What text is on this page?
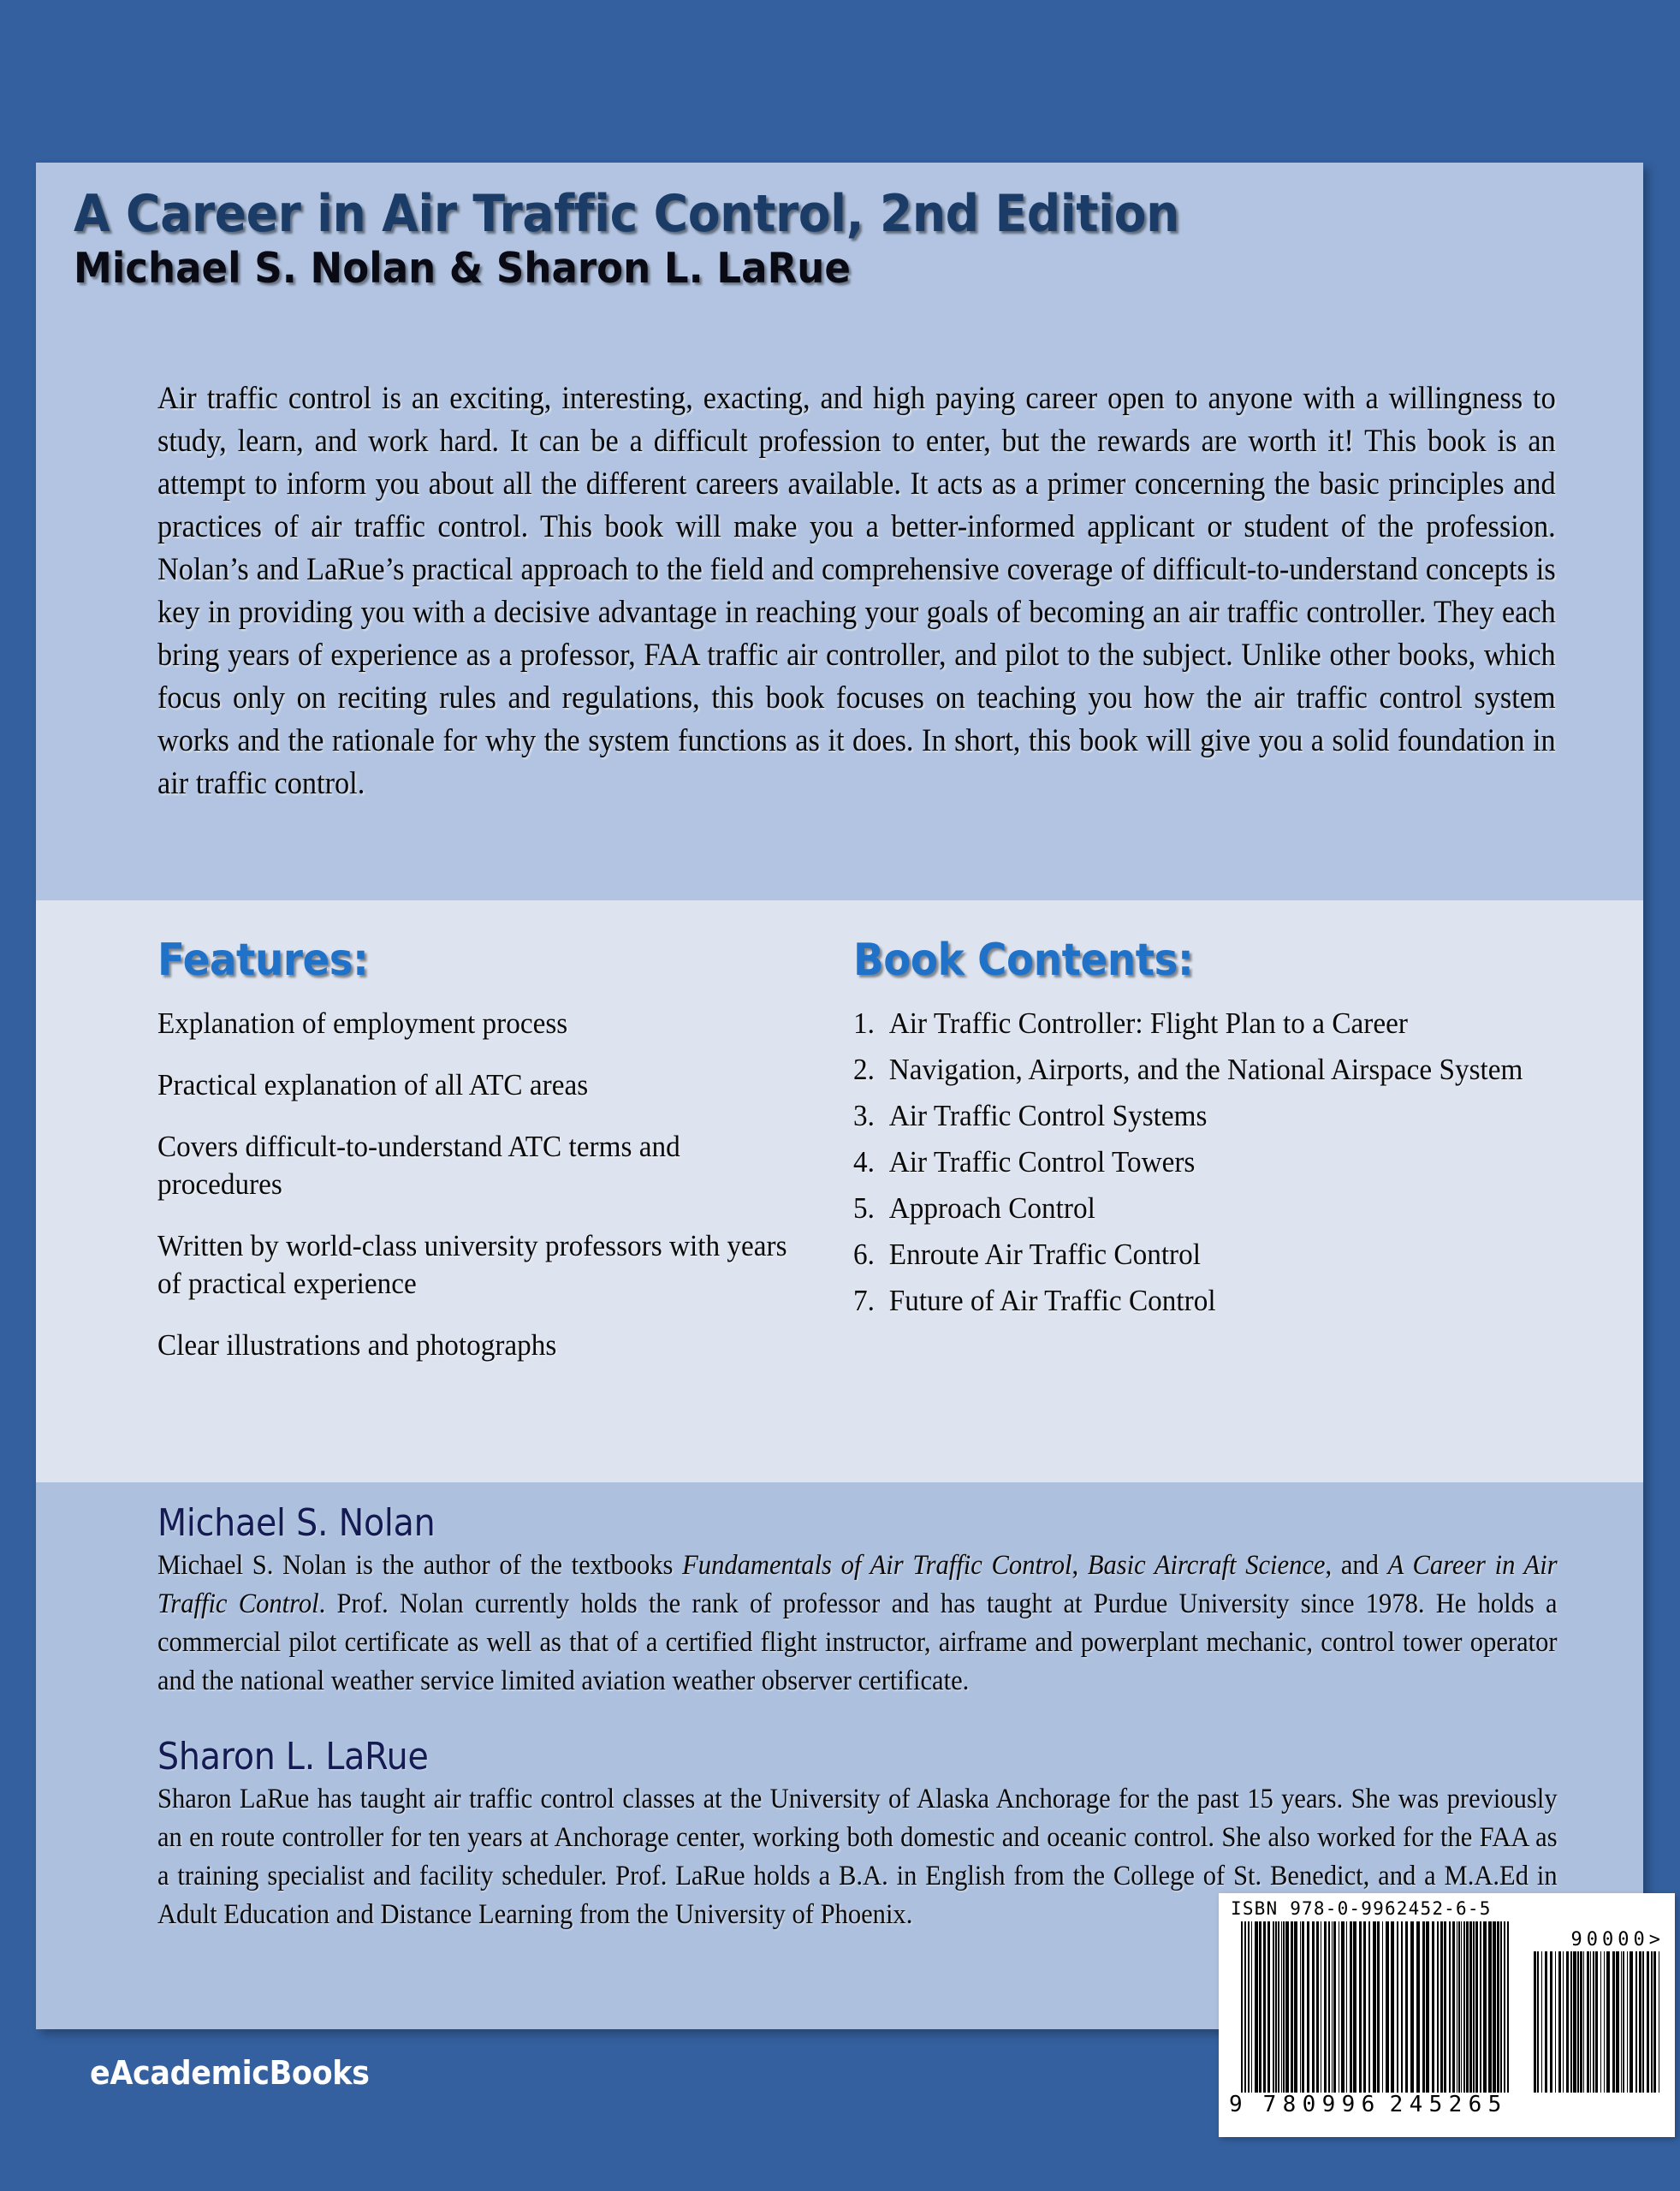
A Career in Air Traffic Control, 2nd Edition
Michael S. Nolan & Sharon L. LaRue
Air traffic control is an exciting, interesting, exacting, and high paying career open to anyone with a willingness to study, learn, and work hard. It can be a difficult profession to enter, but the rewards are worth it! This book is an attempt to inform you about all the different careers available. It acts as a primer concerning the basic principles and practices of air traffic control. This book will make you a better-informed applicant or student of the profession. Nolan’s and LaRue’s practical approach to the field and comprehensive coverage of difficult-to-understand concepts is key in providing you with a decisive advantage in reaching your goals of becoming an air traffic controller. They each bring years of experience as a professor, FAA traffic air controller, and pilot to the subject. Unlike other books, which focus only on reciting rules and regulations, this book focuses on teaching you how the air traffic control system works and the rationale for why the system functions as it does. In short, this book will give you a solid foundation in air traffic control.
Features:
Explanation of employment process
Practical explanation of all ATC areas
Covers difficult-to-understand ATC terms and procedures
Written by world-class university professors with years of practical experience
Clear illustrations and photographs
Book Contents:
1. Air Traffic Controller: Flight Plan to a Career
2. Navigation, Airports, and the National Airspace System
3. Air Traffic Control Systems
4. Air Traffic Control Towers
5. Approach Control
6. Enroute Air Traffic Control
7. Future of Air Traffic Control
Michael S. Nolan
Michael S. Nolan is the author of the textbooks Fundamentals of Air Traffic Control, Basic Aircraft Science, and A Career in Air Traffic Control. Prof. Nolan currently holds the rank of professor and has taught at Purdue University since 1978. He holds a commercial pilot certificate as well as that of a certified flight instructor, airframe and powerplant mechanic, control tower operator and the national weather service limited aviation weather observer certificate.
Sharon L. LaRue
Sharon LaRue has taught air traffic control classes at the University of Alaska Anchorage for the past 15 years. She was previously an en route controller for ten years at Anchorage center, working both domestic and oceanic control. She also worked for the FAA as a training specialist and facility scheduler. Prof. LaRue holds a B.A. in English from the College of St. Benedict, and a M.A.Ed in Adult Education and Distance Learning from the University of Phoenix.
eAcademicBooks
ISBN 978-0-9962452-6-5
90000>
9 7 8 0 9 9 6 2 4 5 2 6 5
